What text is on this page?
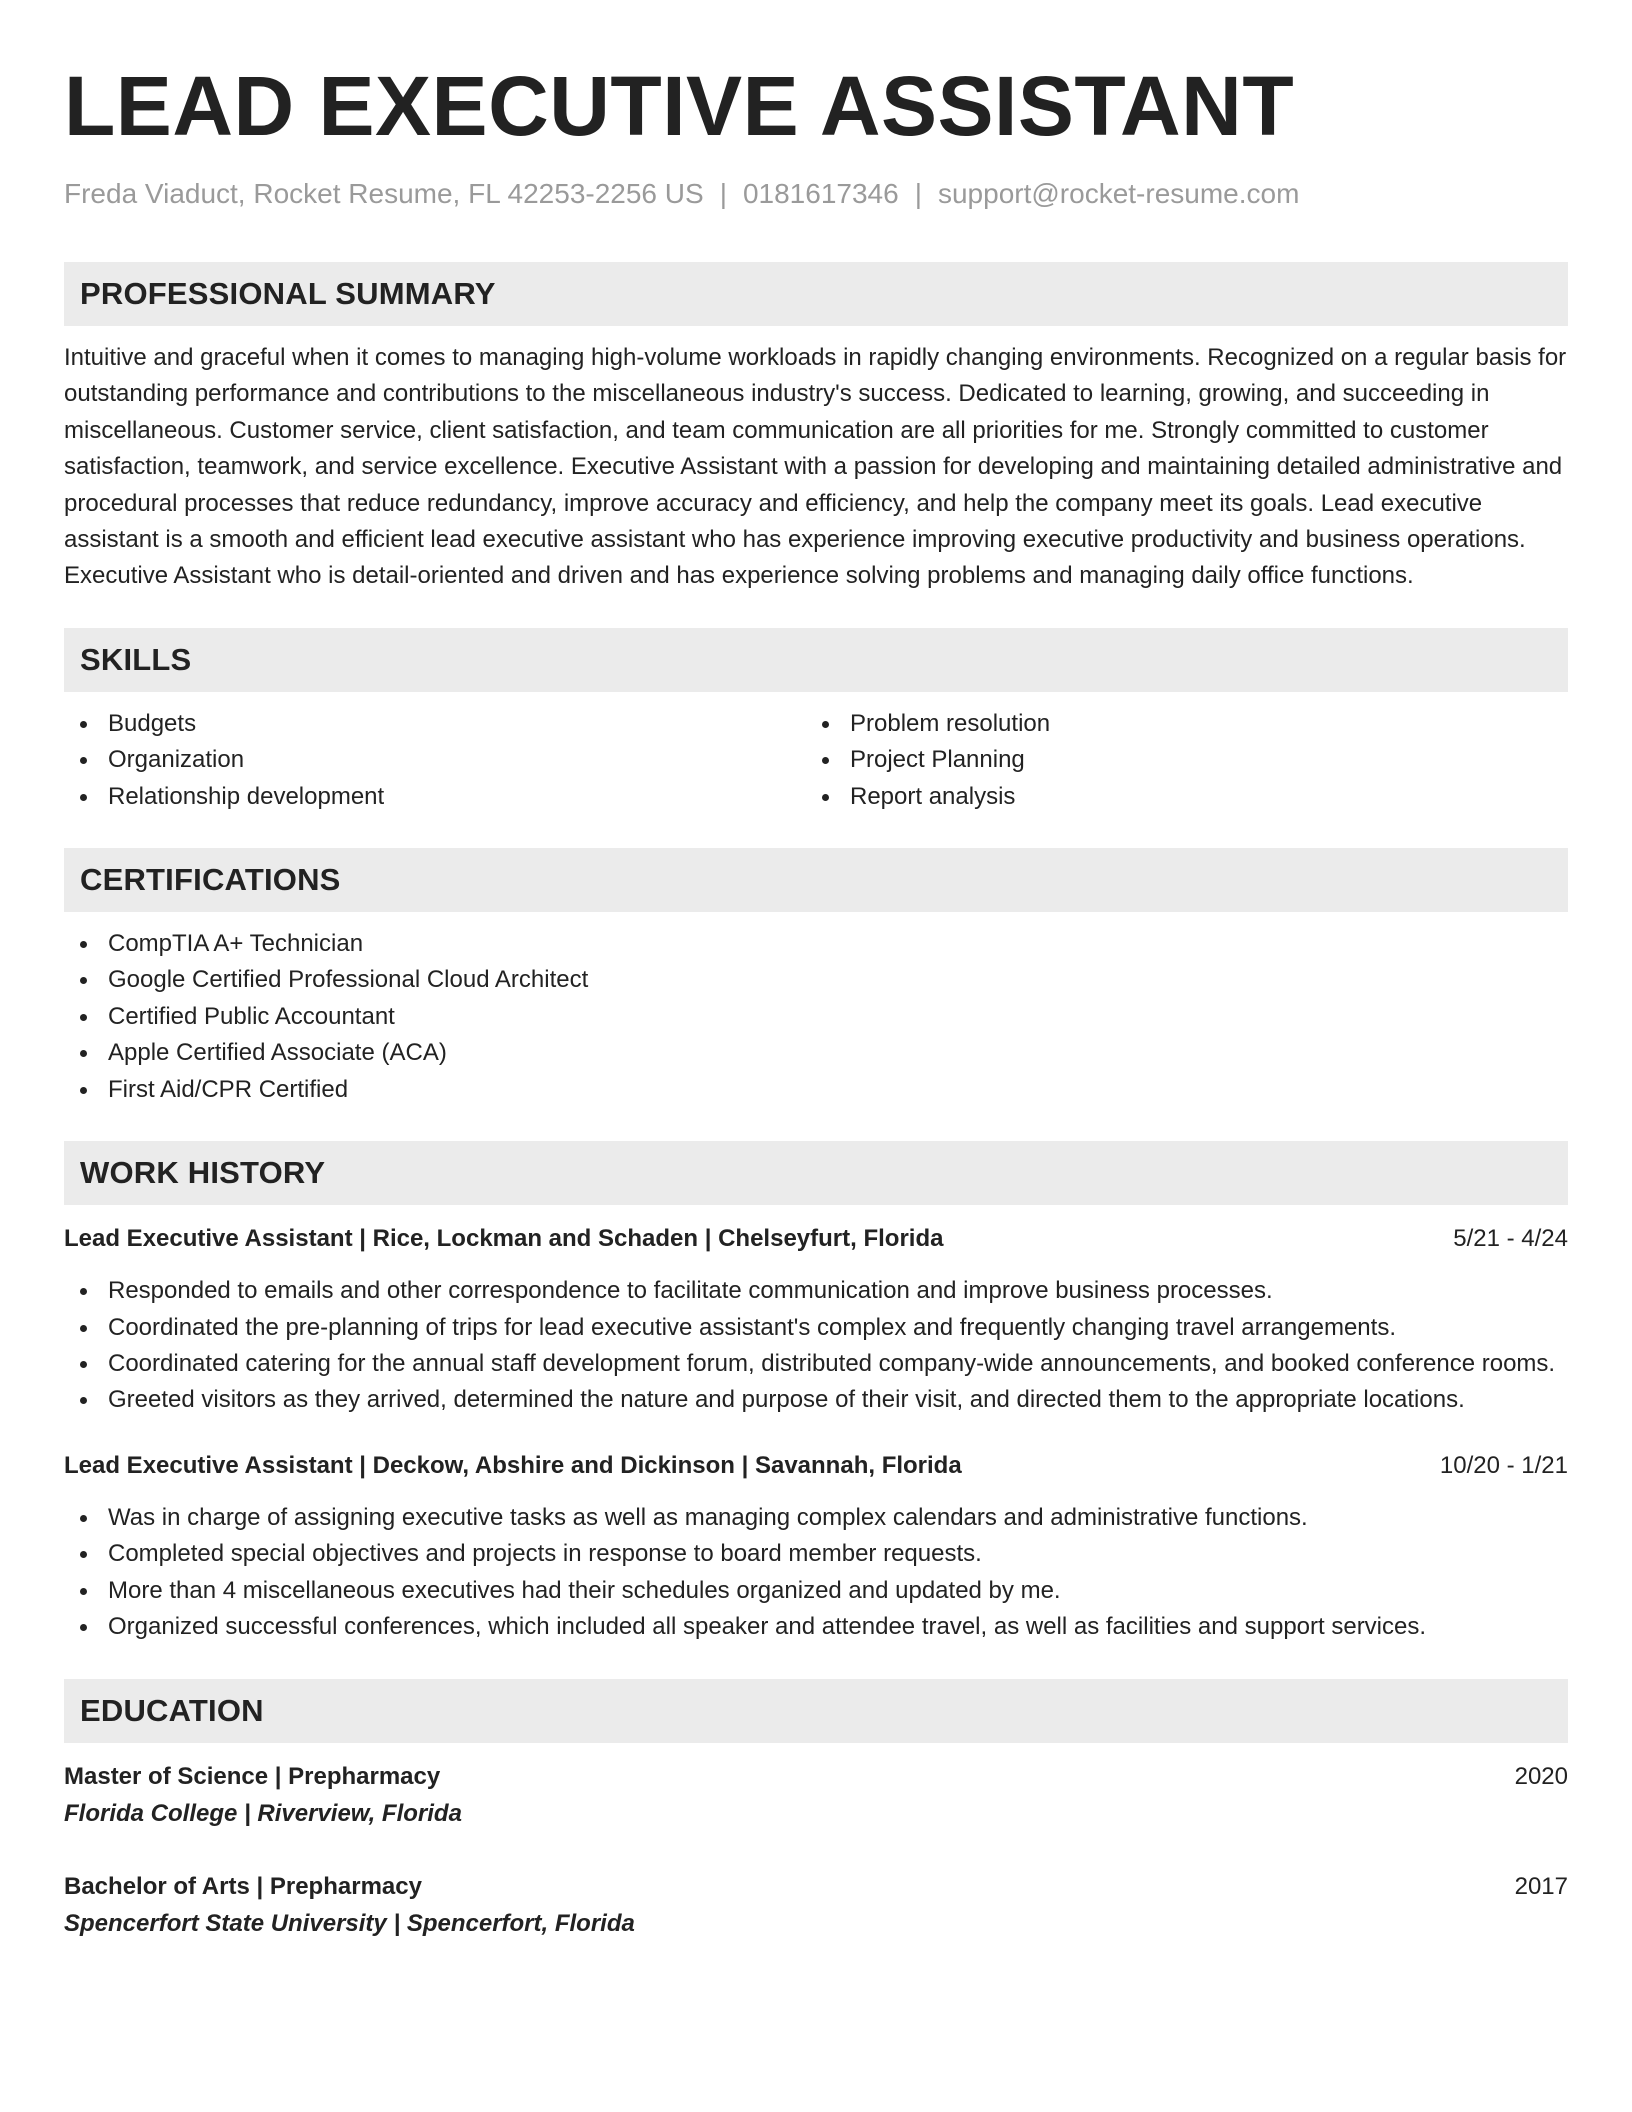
LEAD EXECUTIVE ASSISTANT
Freda Viaduct, Rocket Resume, FL 42253-2256 US | 0181617346 | support@rocket-resume.com
PROFESSIONAL SUMMARY

Intuitive and graceful when it comes to managing high-volume workloads in rapidly changing environments. Recognized on a regular basis for outstanding performance and contributions to the miscellaneous industry's success. Dedicated to learning, growing, and succeeding in miscellaneous. Customer service, client satisfaction, and team communication are all priorities for me. Strongly committed to customer satisfaction, teamwork, and service excellence. Executive Assistant with a passion for developing and maintaining detailed administrative and procedural processes that reduce redundancy, improve accuracy and efficiency, and help the company meet its goals. Lead executive assistant is a smooth and efficient lead executive assistant who has experience improving executive productivity and business operations. Executive Assistant who is detail-oriented and driven and has experience solving problems and managing daily office functions.

SKILLS
Budgets
Organization
Relationship development
Problem resolution
Project Planning
Report analysis
CERTIFICATIONS
CompTIA A+ Technician
Google Certified Professional Cloud Architect
Certified Public Accountant
Apple Certified Associate (ACA)
First Aid/CPR Certified
WORK HISTORY
Lead Executive Assistant | Rice, Lockman and Schaden | Chelseyfurt, Florida	5/21 - 4/24
Responded to emails and other correspondence to facilitate communication and improve business processes.
Coordinated the pre-planning of trips for lead executive assistant's complex and frequently changing travel arrangements.
Coordinated catering for the annual staff development forum, distributed company-wide announcements, and booked conference rooms.
Greeted visitors as they arrived, determined the nature and purpose of their visit, and directed them to the appropriate locations.
Lead Executive Assistant | Deckow, Abshire and Dickinson | Savannah, Florida	10/20 - 1/21
Was in charge of assigning executive tasks as well as managing complex calendars and administrative functions.
Completed special objectives and projects in response to board member requests.
More than 4 miscellaneous executives had their schedules organized and updated by me.
Organized successful conferences, which included all speaker and attendee travel, as well as facilities and support services.
EDUCATION
Master of Science | Prepharmacy	2020
Florida College | Riverview, Florida
Bachelor of Arts | Prepharmacy	2017
Spencerfort State University | Spencerfort, Florida
